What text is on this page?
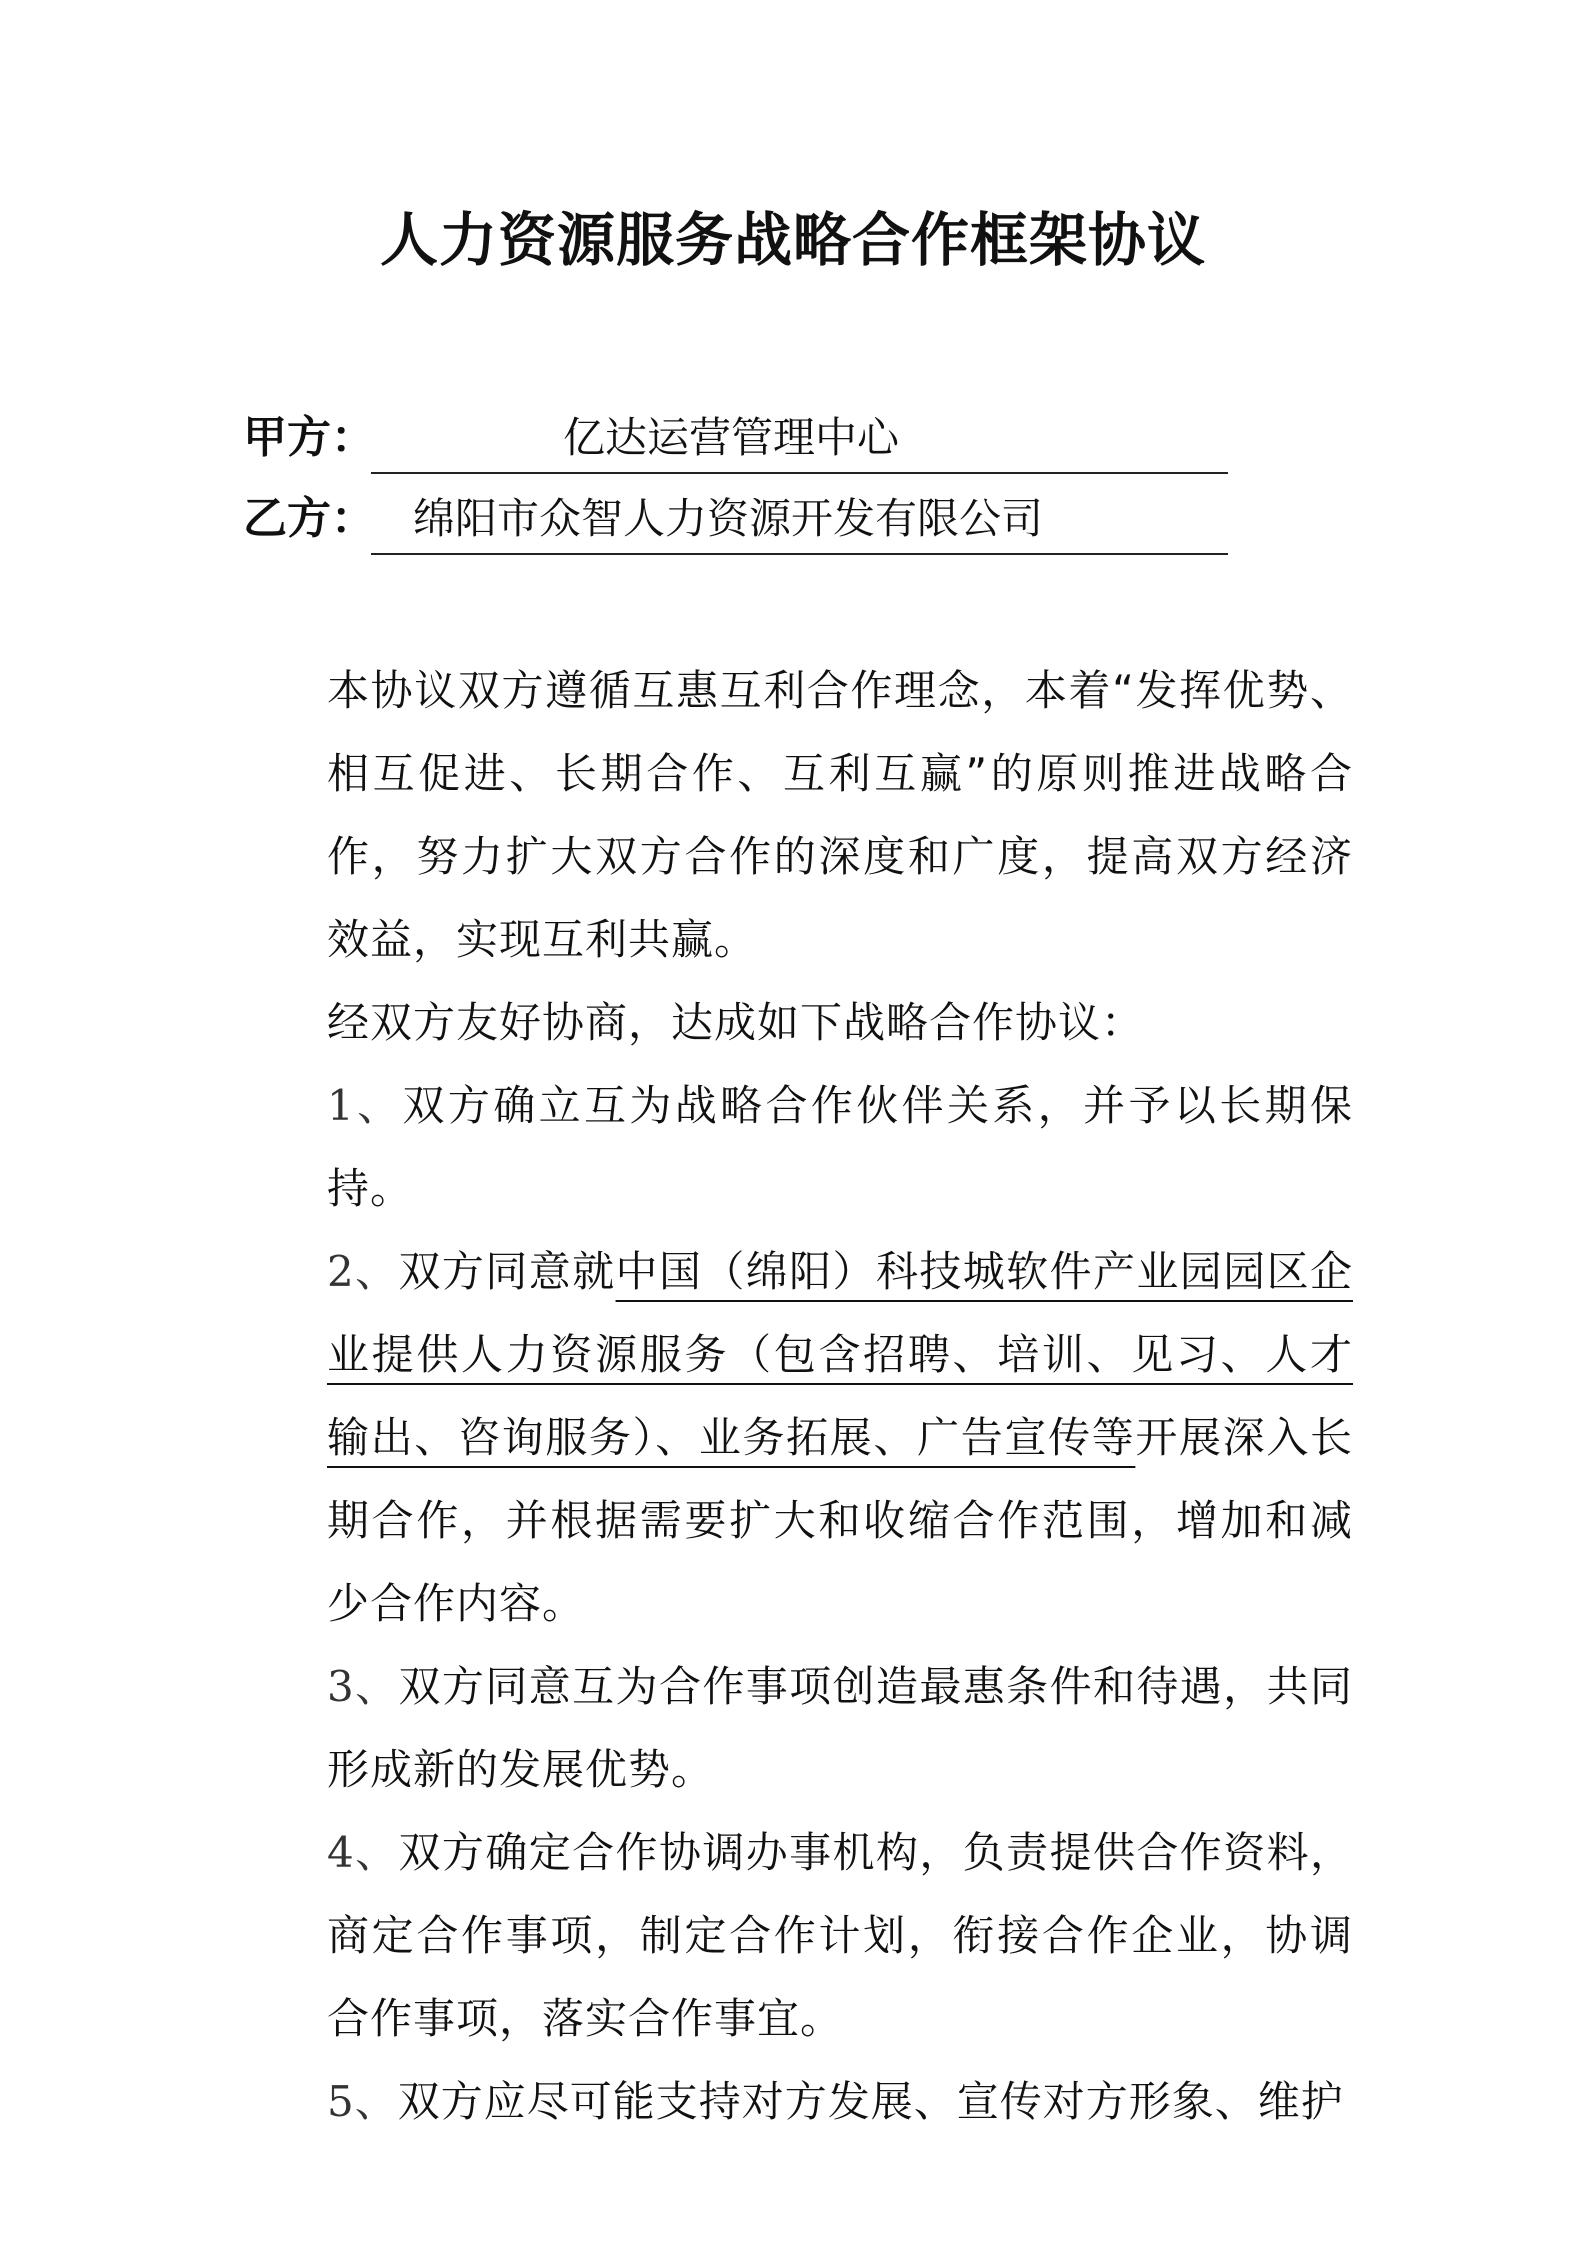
人力资源服务战略合作框架协议
甲方：	亿达运营管理中心
乙方： 绵阳市众智人力资源开发有限公司

本协议双方遵循互惠互利合作理念，本着“发挥优势、相互促进、长期合作、互利互赢”的原则推进战略合作，努力扩大双方合作的深度和广度，提高双方经济效益，实现互利共赢。

经双方友好协商，达成如下战略合作协议：

1、双方确立互为战略合作伙伴关系，并予以长期保持。

2、双方同意就中国（绵阳）科技城软件产业园园区企业提供人力资源服务（包含招聘、培训、见习、人才输出、咨询服务）、业务拓展、广告宣传等开展深入长期合作，并根据需要扩大和收缩合作范围，增加和减少合作内容。

3、双方同意互为合作事项创造最惠条件和待遇，共同形成新的发展优势。

4、双方确定合作协调办事机构，负责提供合作资料，商定合作事项，制定合作计划，衔接合作企业，协调合作事项，落实合作事宜。

5、双方应尽可能支持对方发展、宣传对方形象、维护
